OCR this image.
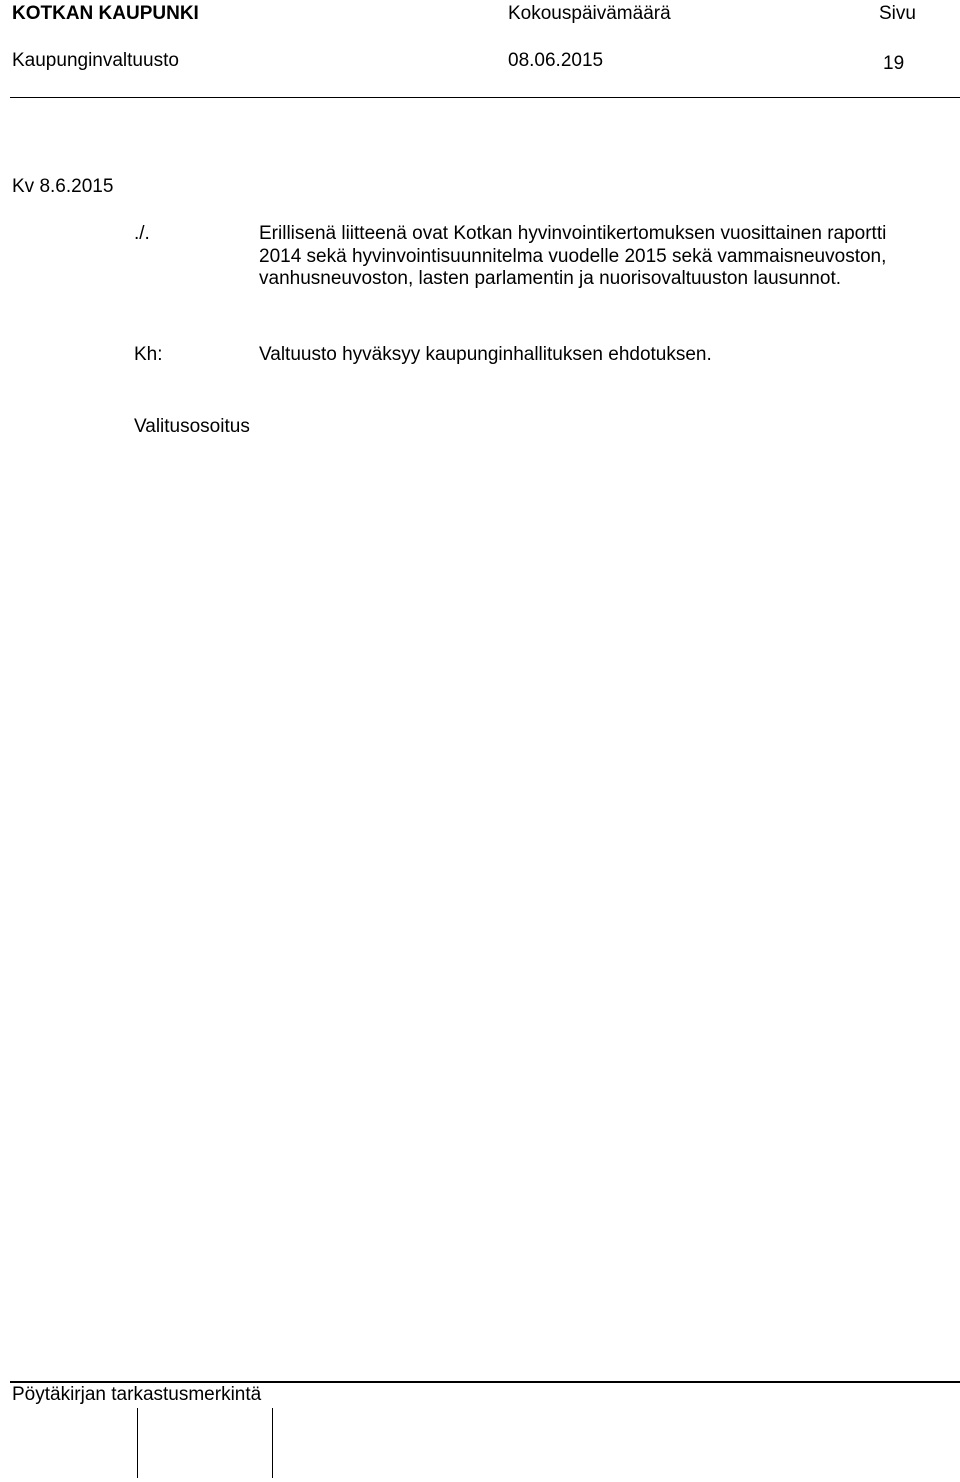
KOTKAN KAUPUNKI	Kokouspäivämäärä	Sivu
Kaupunginvaltuusto	08.06.2015	19
Kv 8.6.2015
./.	Erillisenä liitteenä ovat Kotkan hyvinvointikertomuksen vuosittainen raportti
2014 sekä hyvinvointisuunnitelma vuodelle 2015 sekä vammaisneuvoston,
vanhusneuvoston, lasten parlamentin ja nuorisovaltuuston lausunnot.
Kh:	Valtuusto hyväksyy kaupunginhallituksen ehdotuksen.
Valitusosoitus
Pöytäkirjan tarkastusmerkintä
